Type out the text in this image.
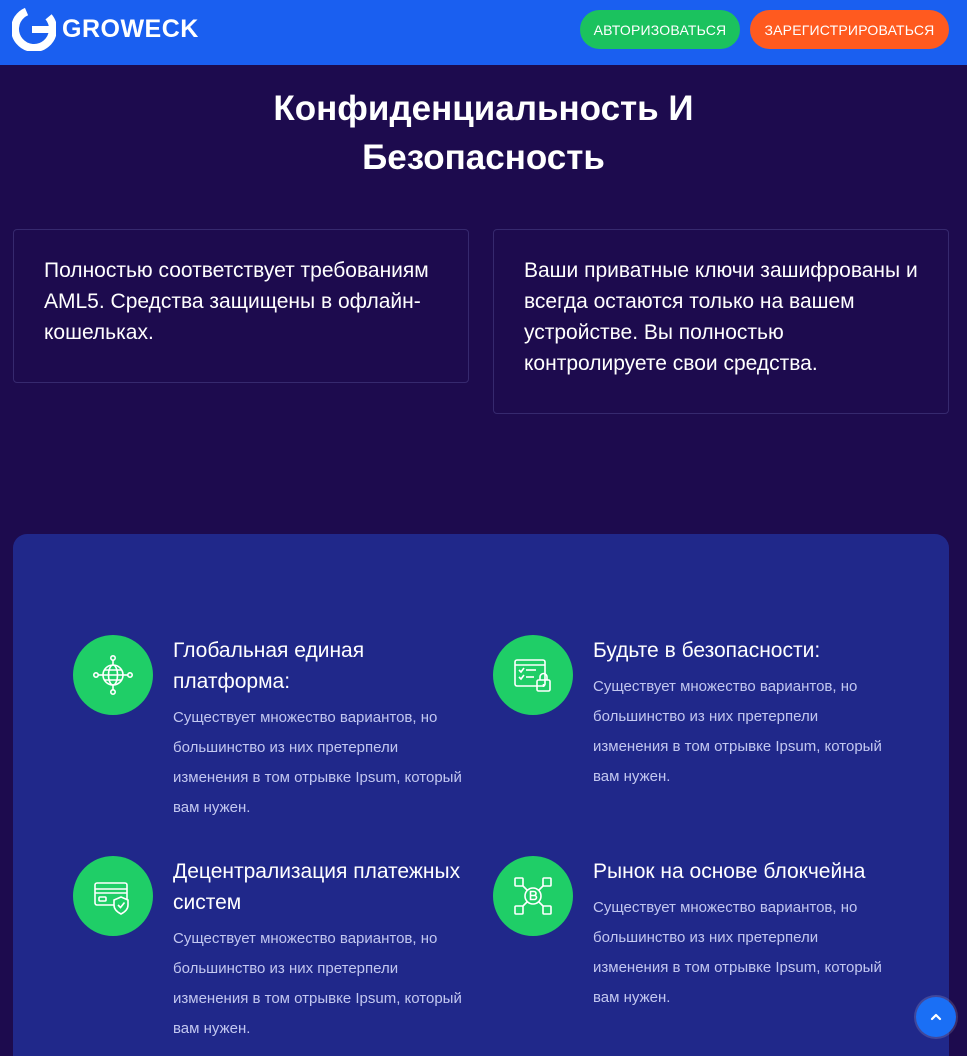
GROWECK	АВТОРИЗОВАТЬСЯ	ЗАРЕГИСТРИРОВАТЬСЯ
Конфиденциальность И
Безопасность
Полностью соответствует требованиям AML5. Средства защищены в офлайн-кошельках.
Ваши приватные ключи зашифрованы и всегда остаются только на вашем устройстве. Вы полностью контролируете свои средства.
Глобальная единая платформа:
Существует множество вариантов, но большинство из них претерпели изменения в том отрывке Ipsum, который вам нужен.
Будьте в безопасности:
Существует множество вариантов, но большинство из них претерпели изменения в том отрывке Ipsum, который вам нужен.
Децентрализация платежных систем
Существует множество вариантов, но большинство из них претерпели изменения в том отрывке Ipsum, который вам нужен.
Рынок на основе блокчейна
Существует множество вариантов, но большинство из них претерпели изменения в том отрывке Ipsum, который вам нужен.
